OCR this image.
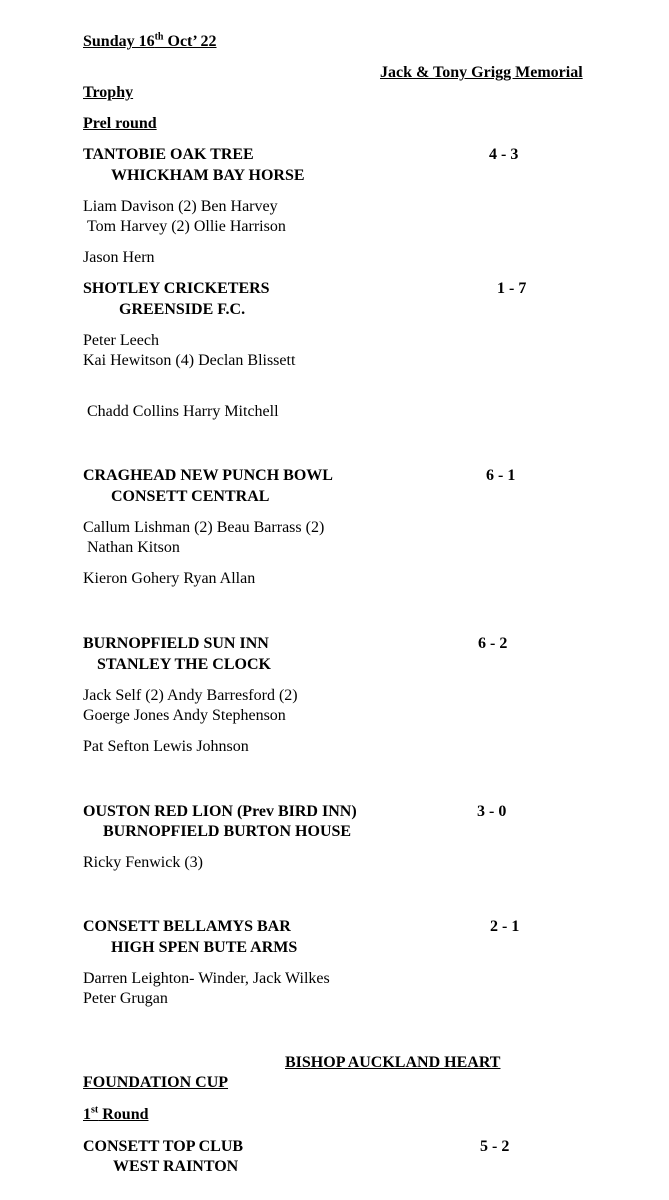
Sunday 16th Oct’ 22
Jack & Tony Grigg Memorial
Trophy
Prel round
TANTOBIE OAK TREE	4 - 3
WHICKHAM BAY HORSE
Liam Davison (2) Ben Harvey
Tom Harvey (2) Ollie Harrison
Jason Hern
SHOTLEY CRICKETERS	1 - 7
GREENSIDE F.C.
Peter Leech
Kai Hewitson (4) Declan Blissett
Chadd Collins Harry Mitchell
CRAGHEAD NEW PUNCH BOWL	6 - 1
CONSETT CENTRAL
Callum Lishman (2) Beau Barrass (2)
Nathan Kitson
Kieron Gohery Ryan Allan
BURNOPFIELD SUN INN	6 - 2
STANLEY THE CLOCK
Jack Self (2) Andy Barresford (2)
Goerge Jones Andy Stephenson
Pat Sefton Lewis Johnson
OUSTON RED LION (Prev BIRD INN)	3 - 0
BURNOPFIELD BURTON HOUSE
Ricky Fenwick (3)
CONSETT BELLAMYS BAR	2 - 1
HIGH SPEN BUTE ARMS
Darren Leighton- Winder, Jack Wilkes
Peter Grugan
BISHOP AUCKLAND HEART
FOUNDATION CUP
1st Round
CONSETT TOP CLUB	5 - 2
WEST RAINTON
